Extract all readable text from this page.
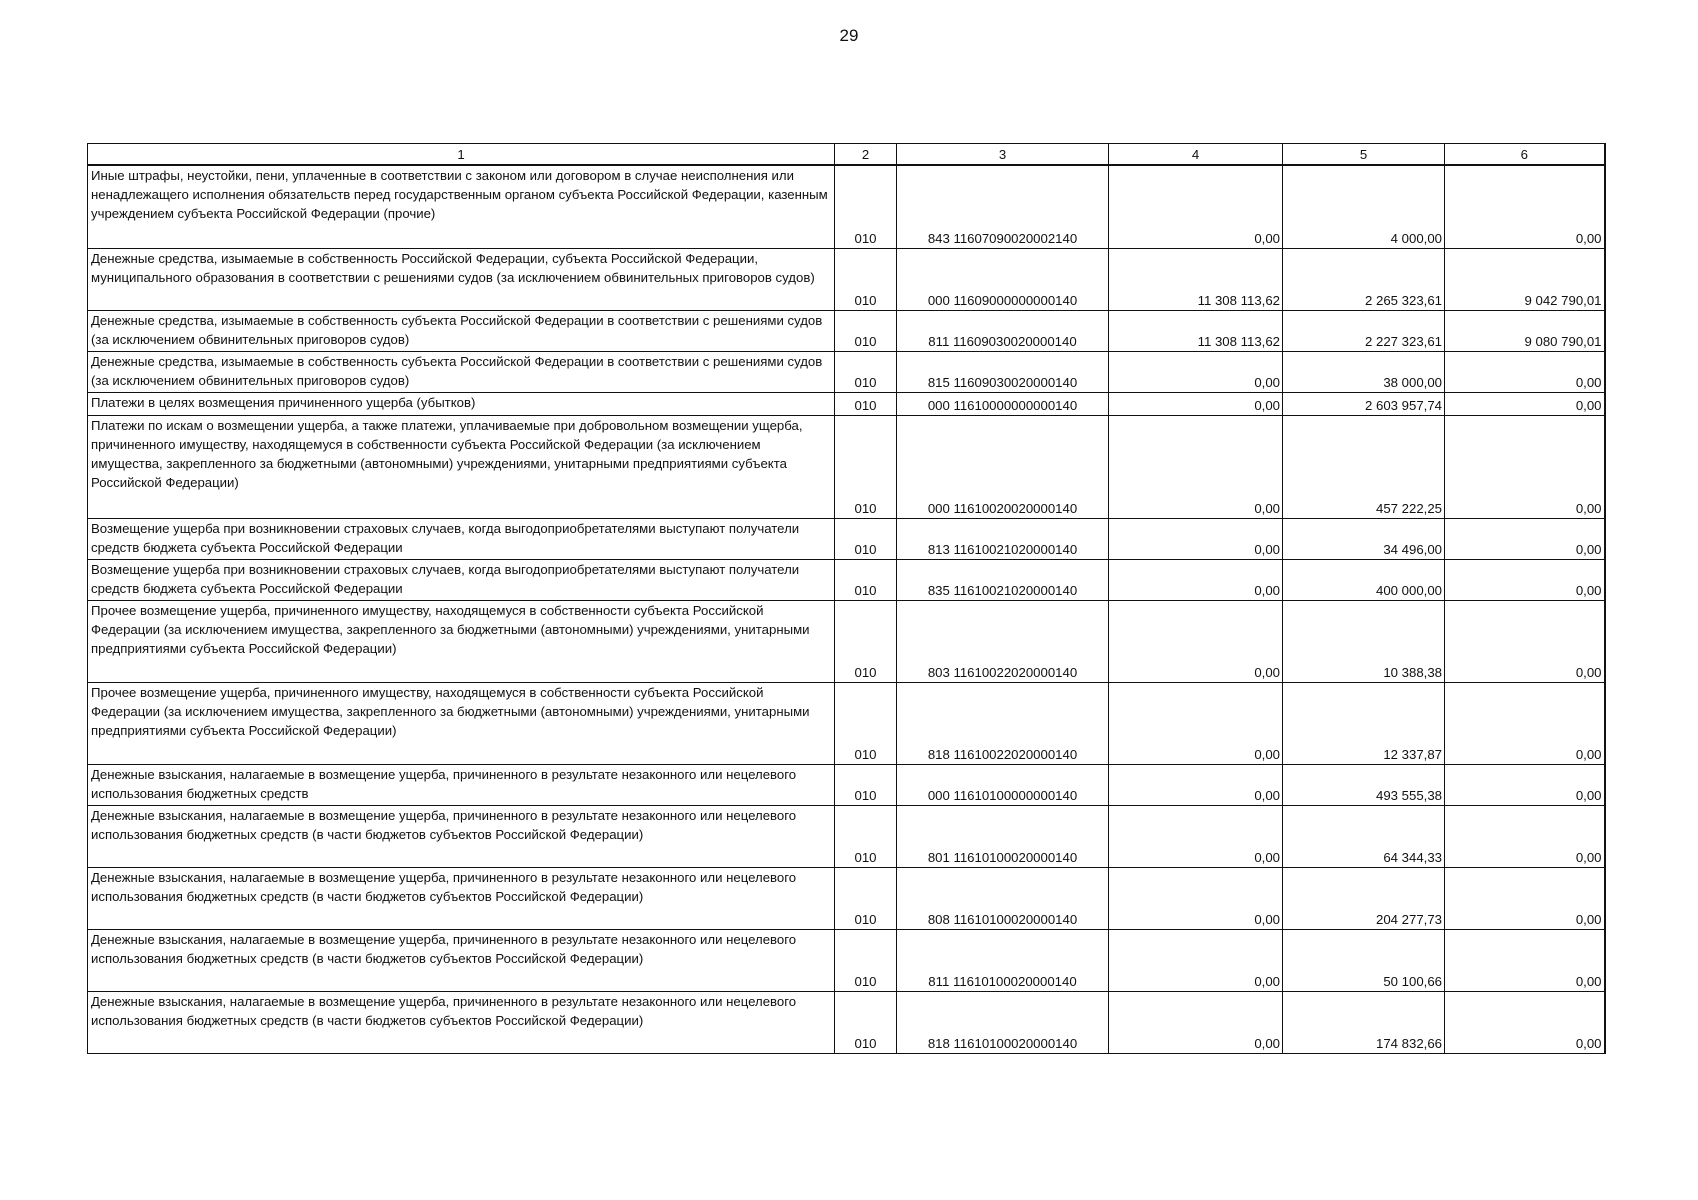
29
1	2	3	4	5	6
Иные штрафы, неустойки, пени, уплаченные в соответствии с законом или договором в случае неисполнения или ненадлежащего исполнения обязательств перед государственным органом субъекта Российской Федерации, казенным учреждением субъекта Российской Федерации (прочие)	010	843 11607090020002140	0,00	4 000,00	0,00
Денежные средства, изымаемые в собственность Российской Федерации, субъекта Российской Федерации, муниципального образования в соответствии с решениями судов (за исключением обвинительных приговоров судов)	010	000 11609000000000140	11 308 113,62	2 265 323,61	9 042 790,01
Денежные средства, изымаемые в собственность субъекта Российской Федерации в соответствии с решениями судов (за исключением обвинительных приговоров судов)	010	811 11609030020000140	11 308 113,62	2 227 323,61	9 080 790,01
Денежные средства, изымаемые в собственность субъекта Российской Федерации в соответствии с решениями судов (за исключением обвинительных приговоров судов)	010	815 11609030020000140	0,00	38 000,00	0,00
Платежи в целях возмещения причиненного ущерба (убытков)	010	000 11610000000000140	0,00	2 603 957,74	0,00
Платежи по искам о возмещении ущерба, а также платежи, уплачиваемые при добровольном возмещении ущерба, причиненного имуществу, находящемуся в собственности субъекта Российской Федерации (за исключением имущества, закрепленного за бюджетными (автономными) учреждениями, унитарными предприятиями субъекта Российской Федерации)	010	000 11610020020000140	0,00	457 222,25	0,00
Возмещение ущерба при возникновении страховых случаев, когда выгодоприобретателями выступают получатели средств бюджета субъекта Российской Федерации	010	813 11610021020000140	0,00	34 496,00	0,00
Возмещение ущерба при возникновении страховых случаев, когда выгодоприобретателями выступают получатели средств бюджета субъекта Российской Федерации	010	835 11610021020000140	0,00	400 000,00	0,00
Прочее возмещение ущерба, причиненного имуществу, находящемуся в собственности субъекта Российской Федерации (за исключением имущества, закрепленного за бюджетными (автономными) учреждениями, унитарными предприятиями субъекта Российской Федерации)	010	803 11610022020000140	0,00	10 388,38	0,00
Прочее возмещение ущерба, причиненного имуществу, находящемуся в собственности субъекта Российской Федерации (за исключением имущества, закрепленного за бюджетными (автономными) учреждениями, унитарными предприятиями субъекта Российской Федерации)	010	818 11610022020000140	0,00	12 337,87	0,00
Денежные взыскания, налагаемые в возмещение ущерба, причиненного в результате незаконного или нецелевого использования бюджетных средств	010	000 11610100000000140	0,00	493 555,38	0,00
Денежные взыскания, налагаемые в возмещение ущерба, причиненного в результате незаконного или нецелевого использования бюджетных средств (в части бюджетов субъектов Российской Федерации)	010	801 11610100020000140	0,00	64 344,33	0,00
Денежные взыскания, налагаемые в возмещение ущерба, причиненного в результате незаконного или нецелевого использования бюджетных средств (в части бюджетов субъектов Российской Федерации)	010	808 11610100020000140	0,00	204 277,73	0,00
Денежные взыскания, налагаемые в возмещение ущерба, причиненного в результате незаконного или нецелевого использования бюджетных средств (в части бюджетов субъектов Российской Федерации)	010	811 11610100020000140	0,00	50 100,66	0,00
Денежные взыскания, налагаемые в возмещение ущерба, причиненного в результате незаконного или нецелевого использования бюджетных средств (в части бюджетов субъектов Российской Федерации)	010	818 11610100020000140	0,00	174 832,66	0,00
